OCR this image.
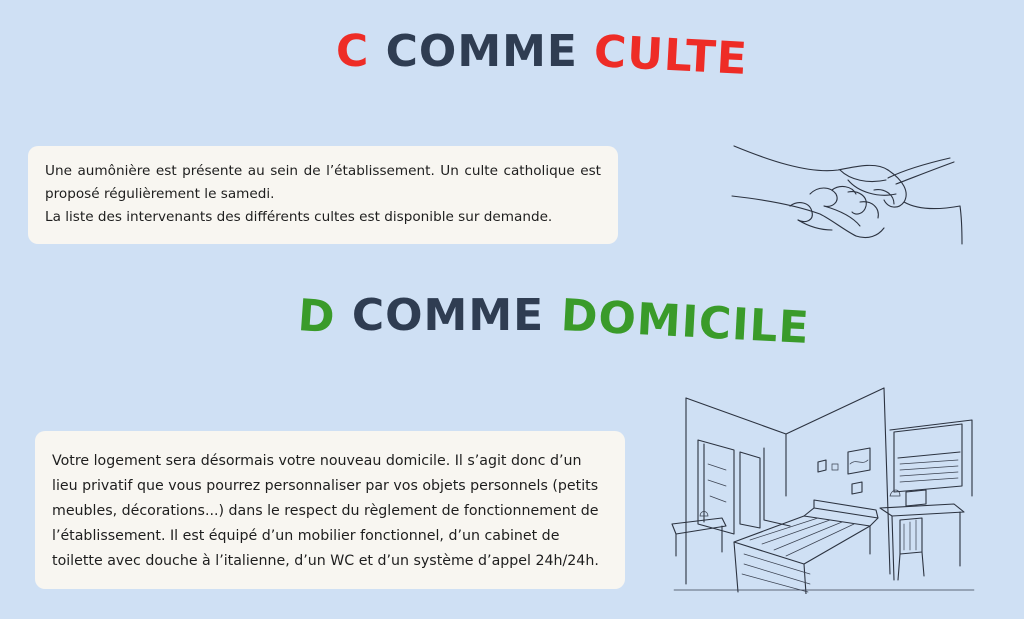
C COMME CULTE

Une aumônière est présente au sein de l’établissement. Un culte catholique est proposé régulièrement le samedi.

La liste des intervenants des différents cultes est disponible sur demande.

D COMME DOMICILE

Votre logement sera désormais votre nouveau domicile. Il s’agit donc d’un lieu privatif que vous pourrez personnaliser par vos objets personnels (petits meubles, décorations...) dans le respect du règlement de fonctionnement de l’établissement. Il est équipé d’un mobilier fonctionnel, d’un cabinet de toilette avec douche à l’italienne, d’un WC et d’un système d’appel 24h/24h.
